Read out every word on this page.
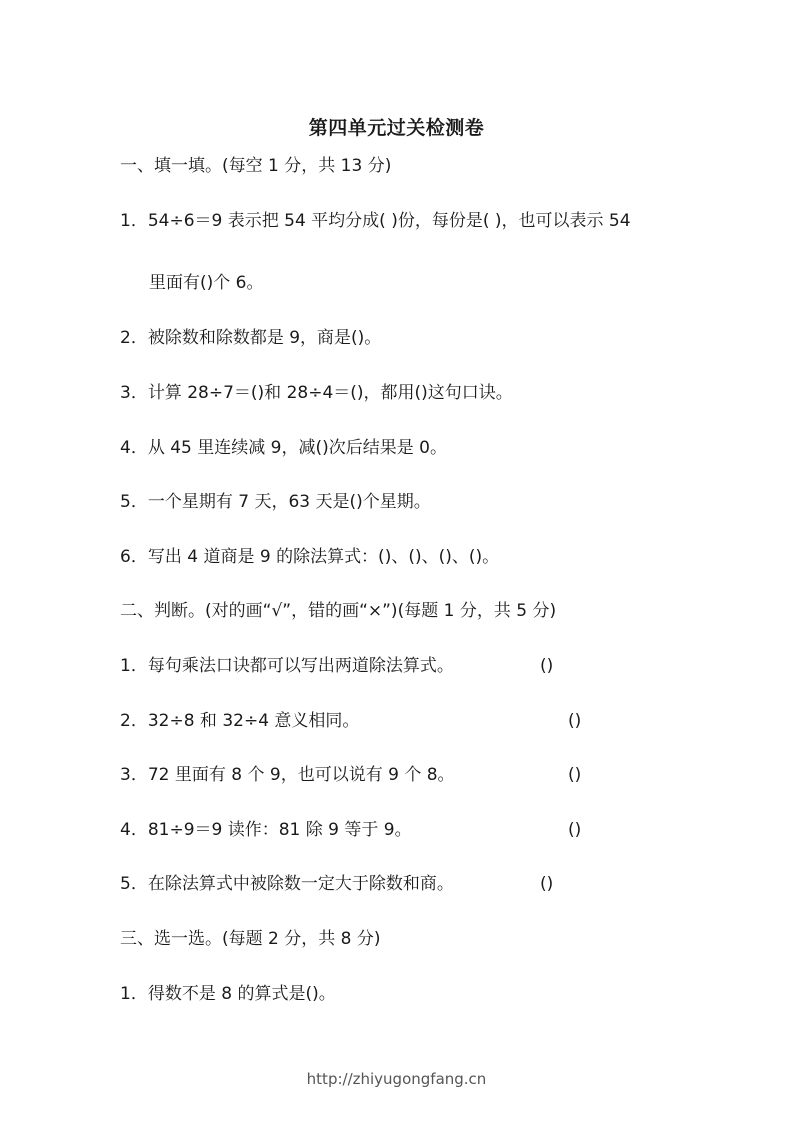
第四单元过关检测卷
一、填一填。(每空 1 分，共 13 分)
1．54÷6＝9 表示把 54 平均分成( )份，每份是( )，也可以表示 54
里面有()个 6。
2．被除数和除数都是 9，商是()。
3．计算 28÷7＝()和 28÷4＝()，都用()这句口诀。
4．从 45 里连续减 9，减()次后结果是 0。
5．一个星期有 7 天，63 天是()个星期。
6．写出 4 道商是 9 的除法算式：()、()、()、()。
二、判断。(对的画“√”，错的画“×”)(每题 1 分，共 5 分)
1．每句乘法口诀都可以写出两道除法算式。	()
2．32÷8 和 32÷4 意义相同。	()
3．72 里面有 8 个 9，也可以说有 9 个 8。	()
4．81÷9＝9 读作：81 除 9 等于 9。	()
5．在除法算式中被除数一定大于除数和商。	()
三、选一选。(每题 2 分，共 8 分)
1．得数不是 8 的算式是()。
http://zhiyugongfang.cn
